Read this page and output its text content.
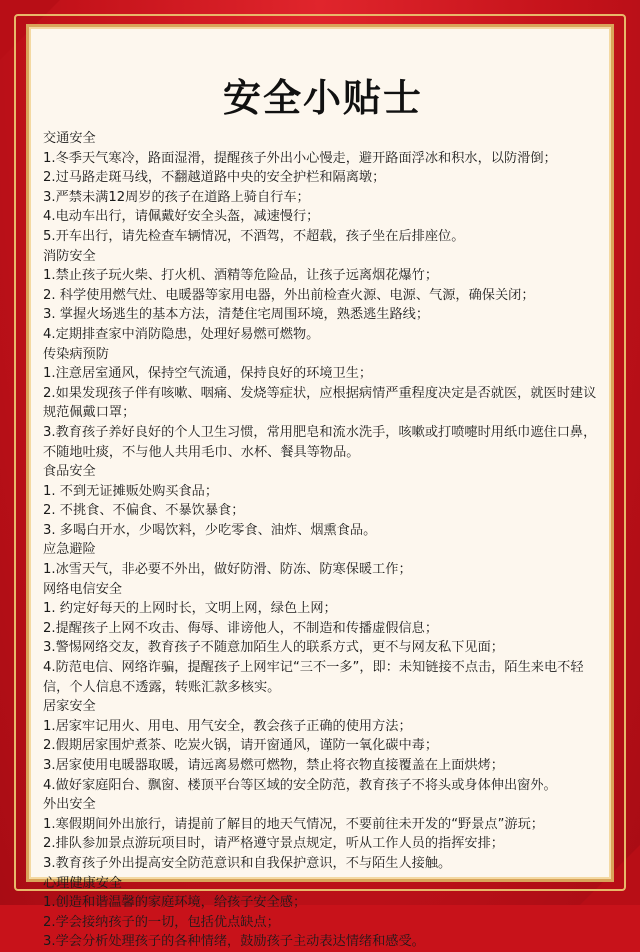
安全小贴士
交通安全
1.冬季天气寒冷，路面湿滑，提醒孩子外出小心慢走，避开路面浮冰和积水，以防滑倒；
2.过马路走斑马线，不翻越道路中央的安全护栏和隔离墩；
3.严禁未满12周岁的孩子在道路上骑自行车；
4.电动车出行，请佩戴好安全头盔，减速慢行；
5.开车出行，请先检查车辆情况，不酒驾，不超载，孩子坐在后排座位。
消防安全
1.禁止孩子玩火柴、打火机、酒精等危险品，让孩子远离烟花爆竹；
2. 科学使用燃气灶、电暖器等家用电器，外出前检查火源、电源、气源，确保关闭；
3. 掌握火场逃生的基本方法，清楚住宅周围环境，熟悉逃生路线；
4.定期排查家中消防隐患，处理好易燃可燃物。
传染病预防
1.注意居室通风，保持空气流通，保持良好的环境卫生；
2.如果发现孩子伴有咳嗽、咽痛、发烧等症状，应根据病情严重程度决定是否就医，就医时建议规范佩戴口罩；
3.教育孩子养好良好的个人卫生习惯，常用肥皂和流水洗手，咳嗽或打喷嚏时用纸巾遮住口鼻，不随地吐痰，不与他人共用毛巾、水杯、餐具等物品。
食品安全
1. 不到无证摊贩处购买食品；
2. 不挑食、不偏食、不暴饮暴食；
3. 多喝白开水，少喝饮料，少吃零食、油炸、烟熏食品。
应急避险
1.冰雪天气，非必要不外出，做好防滑、防冻、防寒保暖工作；
网络电信安全
1. 约定好每天的上网时长，文明上网，绿色上网；
2.提醒孩子上网不攻击、侮辱、诽谤他人，不制造和传播虚假信息；
3.警惕网络交友，教育孩子不随意加陌生人的联系方式，更不与网友私下见面；
4.防范电信、网络诈骗，提醒孩子上网牢记“三不一多”，即：未知链接不点击，陌生来电不轻信，个人信息不透露，转账汇款多核实。
居家安全
1.居家牢记用火、用电、用气安全，教会孩子正确的使用方法；
2.假期居家围炉煮茶、吃炭火锅，请开窗通风，谨防一氧化碳中毒；
3.居家使用电暖器取暖，请远离易燃可燃物，禁止将衣物直接覆盖在上面烘烤；
4.做好家庭阳台、飘窗、楼顶平台等区域的安全防范，教育孩子不将头或身体伸出窗外。
外出安全
1.寒假期间外出旅行，请提前了解目的地天气情况，不要前往未开发的“野景点”游玩；
2.排队参加景点游玩项目时，请严格遵守景点规定，听从工作人员的指挥安排；
3.教育孩子外出提高安全防范意识和自我保护意识，不与陌生人接触。
心理健康安全
1.创造和谐温馨的家庭环境，给孩子安全感；
2.学会接纳孩子的一切，包括优点缺点；
3.学会分析处理孩子的各种情绪，鼓励孩子主动表达情绪和感受。
